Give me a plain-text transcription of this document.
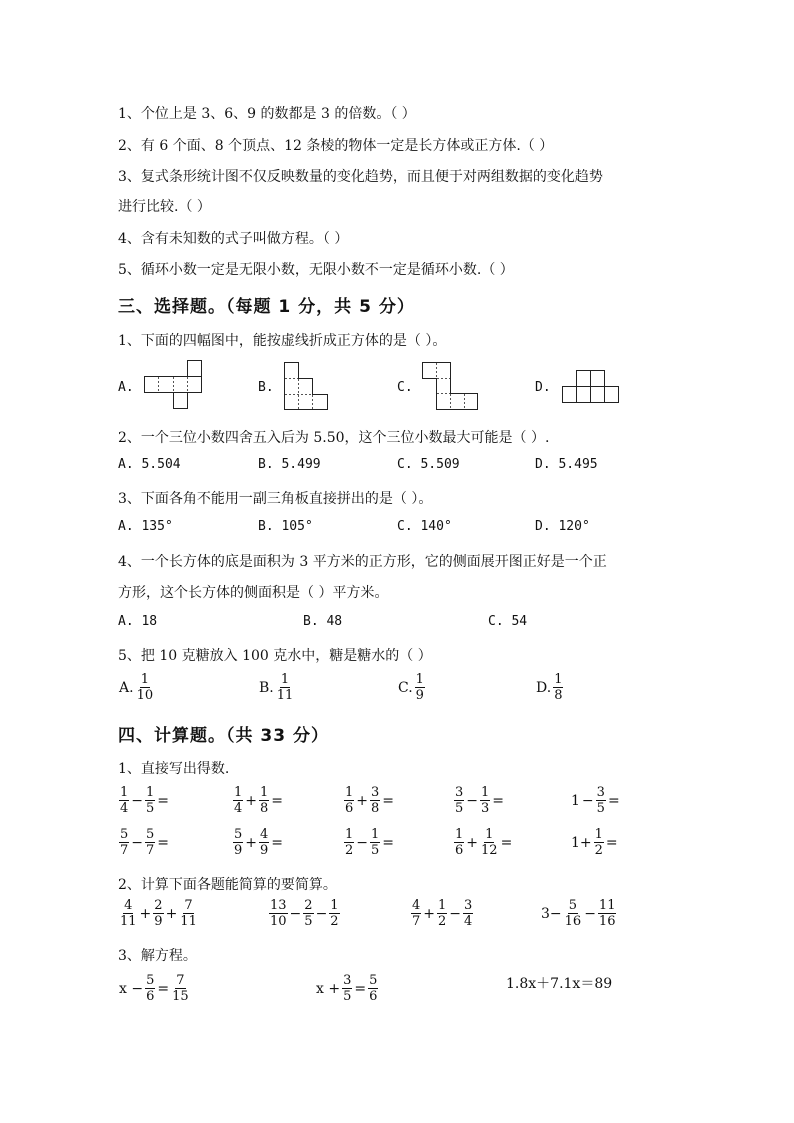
1、个位上是 3、6、9 的数都是 3 的倍数。（ ）
2、有 6 个面、8 个顶点、12 条棱的物体一定是长方体或正方体.（ ）
3、复式条形统计图不仅反映数量的变化趋势，而且便于对两组数据的变化趋势
进行比较.（ ）
4、含有未知数的式子叫做方程。（ ）
5、循环小数一定是无限小数，无限小数不一定是循环小数.（ ）
三、选择题。（每题 1 分，共 5 分）
1、下面的四幅图中，能按虚线折成正方体的是（ ）。
A.	B.	C.	D.
2、一个三位小数四舍五入后为 5.50，这个三位小数最大可能是（ ）.
A. 5.504	B. 5.499	C. 5.509	D. 5.495
3、下面各角不能用一副三角板直接拼出的是（ ）。
A. 135°	B. 105°	C. 140°	D. 120°
4、一个长方体的底是面积为 3 平方米的正方形，它的侧面展开图正好是一个正
方形，这个长方体的侧面积是（ ）平方米。
A. 18	B. 48	C. 54
5、把 10 克糖放入 100 克水中，糖是糖水的（ ）
A. $\frac{1}{10}$	B. $\frac{1}{11}$	C. $\frac{1}{9}$	D. $\frac{1}{8}$
四、计算题。（共 33 分）
1、直接写出得数.
$\frac{1}{4} - \frac{1}{5}$ =	$\frac{1}{4} + \frac{1}{8}$ =	$\frac{1}{6} + \frac{3}{8}$ =	$\frac{3}{5} - \frac{1}{3}$ =	$1 - \frac{3}{5}$ =
$\frac{5}{7} - \frac{5}{7}$ =	$\frac{5}{9} + \frac{4}{9}$ =	$\frac{1}{2} - \frac{1}{5}$ =	$\frac{1}{6} + \frac{1}{12}$ =	$1+ \frac{1}{2}$ =
2、计算下面各题能简算的要简算。
$\frac{4}{11} + \frac{2}{9} + \frac{7}{11}$	$\frac{13}{10} - \frac{2}{5} - \frac{1}{2}$	$\frac{4}{7} + \frac{1}{2} - \frac{3}{4}$	$3- \frac{5}{16} - \frac{11}{16}$
3、解方程。
$x - \frac{5}{6} = \frac{7}{15}$	$x + \frac{3}{5} = \frac{5}{6}$	1.8x＋7.1x＝89
